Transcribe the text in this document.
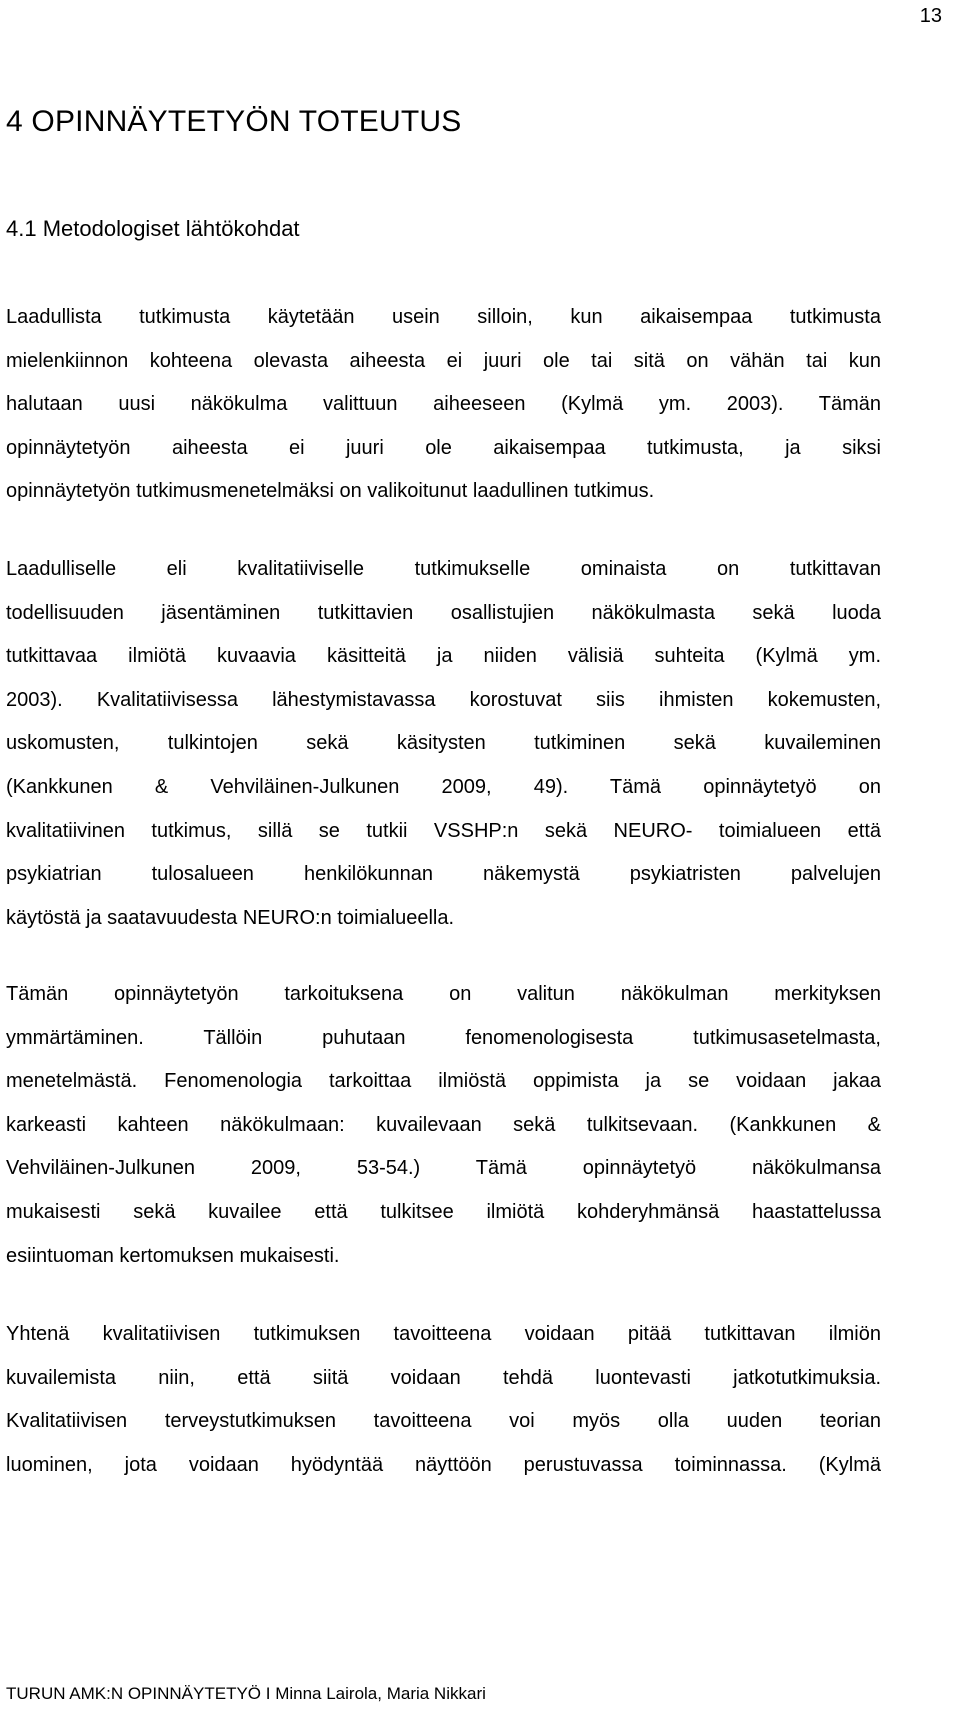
13
4 OPINNÄYTETYÖN TOTEUTUS
4.1 Metodologiset lähtökohdat
Laadullista tutkimusta käytetään usein silloin, kun aikaisempaa tutkimusta
mielenkiinnon kohteena olevasta aiheesta ei juuri ole tai sitä on vähän tai kun
halutaan uusi näkökulma valittuun aiheeseen (Kylmä ym. 2003). Tämän
opinnäytetyön aiheesta ei juuri ole aikaisempaa tutkimusta, ja siksi
opinnäytetyön tutkimusmenetelmäksi on valikoitunut laadullinen tutkimus.
Laadulliselle eli kvalitatiiviselle tutkimukselle ominaista on tutkittavan
todellisuuden jäsentäminen tutkittavien osallistujien näkökulmasta sekä luoda
tutkittavaa ilmiötä kuvaavia käsitteitä ja niiden välisiä suhteita (Kylmä ym.
2003). Kvalitatiivisessa lähestymistavassa korostuvat siis ihmisten kokemusten,
uskomusten, tulkintojen sekä käsitysten tutkiminen sekä kuvaileminen
(Kankkunen & Vehviläinen-Julkunen 2009, 49). Tämä opinnäytetyö on
kvalitatiivinen tutkimus, sillä se tutkii VSSHP:n sekä NEURO- toimialueen että
psykiatrian tulosalueen henkilökunnan näkemystä psykiatristen palvelujen
käytöstä ja saatavuudesta NEURO:n toimialueella.
Tämän opinnäytetyön tarkoituksena on valitun näkökulman merkityksen
ymmärtäminen. Tällöin puhutaan fenomenologisesta tutkimusasetelmasta,
menetelmästä. Fenomenologia tarkoittaa ilmiöstä oppimista ja se voidaan jakaa
karkeasti kahteen näkökulmaan: kuvailevaan sekä tulkitsevaan. (Kankkunen &
Vehviläinen-Julkunen 2009, 53-54.) Tämä opinnäytetyö näkökulmansa
mukaisesti sekä kuvailee että tulkitsee ilmiötä kohderyhmänsä haastattelussa
esiintuoman kertomuksen mukaisesti.
Yhtenä kvalitatiivisen tutkimuksen tavoitteena voidaan pitää tutkittavan ilmiön
kuvailemista niin, että siitä voidaan tehdä luontevasti jatkotutkimuksia.
Kvalitatiivisen terveystutkimuksen tavoitteena voi myös olla uuden teorian
luominen, jota voidaan hyödyntää näyttöön perustuvassa toiminnassa. (Kylmä
TURUN AMK:N OPINNÄYTETYÖ I Minna Lairola, Maria Nikkari
